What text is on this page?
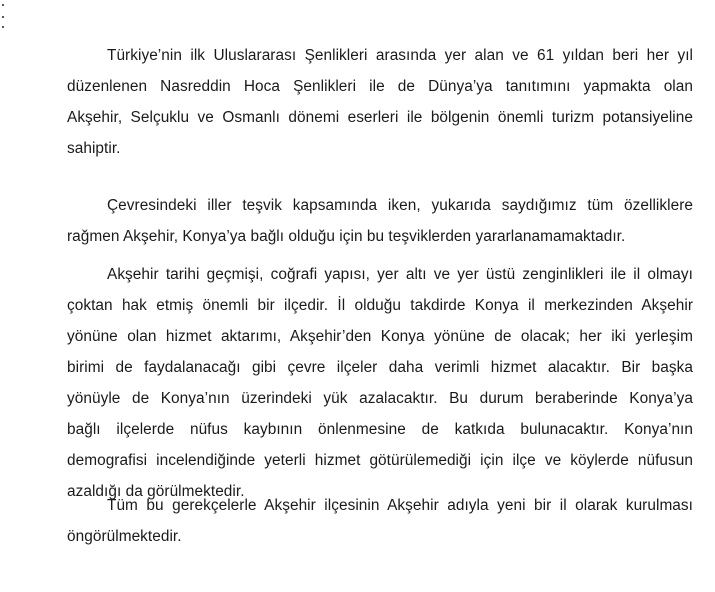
Türkiye’nin ilk Uluslararası Şenlikleri arasında yer alan ve 61 yıldan beri her yıl
düzenlenen Nasreddin Hoca Şenlikleri ile de Dünya’ya tanıtımını yapmakta olan
Akşehir, Selçuklu ve Osmanlı dönemi eserleri ile bölgenin önemli turizm potansiyeline
sahiptir.

Çevresindeki iller teşvik kapsamında iken, yukarıda saydığımız tüm özelliklere
rağmen Akşehir, Konya’ya bağlı olduğu için bu teşviklerden yararlanamamaktadır.

Akşehir tarihi geçmişi, coğrafi yapısı, yer altı ve yer üstü zenginlikleri ile il olmayı
çoktan hak etmiş önemli bir ilçedir. İl olduğu takdirde Konya il merkezinden Akşehir
yönüne olan hizmet aktarımı, Akşehir’den Konya yönüne de olacak; her iki yerleşim
birimi de faydalanacağı gibi çevre ilçeler daha verimli hizmet alacaktır. Bir başka
yönüyle de Konya’nın üzerindeki yük azalacaktır. Bu durum beraberinde Konya’ya
bağlı ilçelerde nüfus kaybının önlenmesine de katkıda bulunacaktır. Konya’nın
demografisi incelendiğinde yeterli hizmet götürülemediği için ilçe ve köylerde nüfusun
azaldığı da görülmektedir.

Tüm bu gerekçelerle Akşehir ilçesinin Akşehir adıyla yeni bir il olarak kurulması
öngörülmektedir.
